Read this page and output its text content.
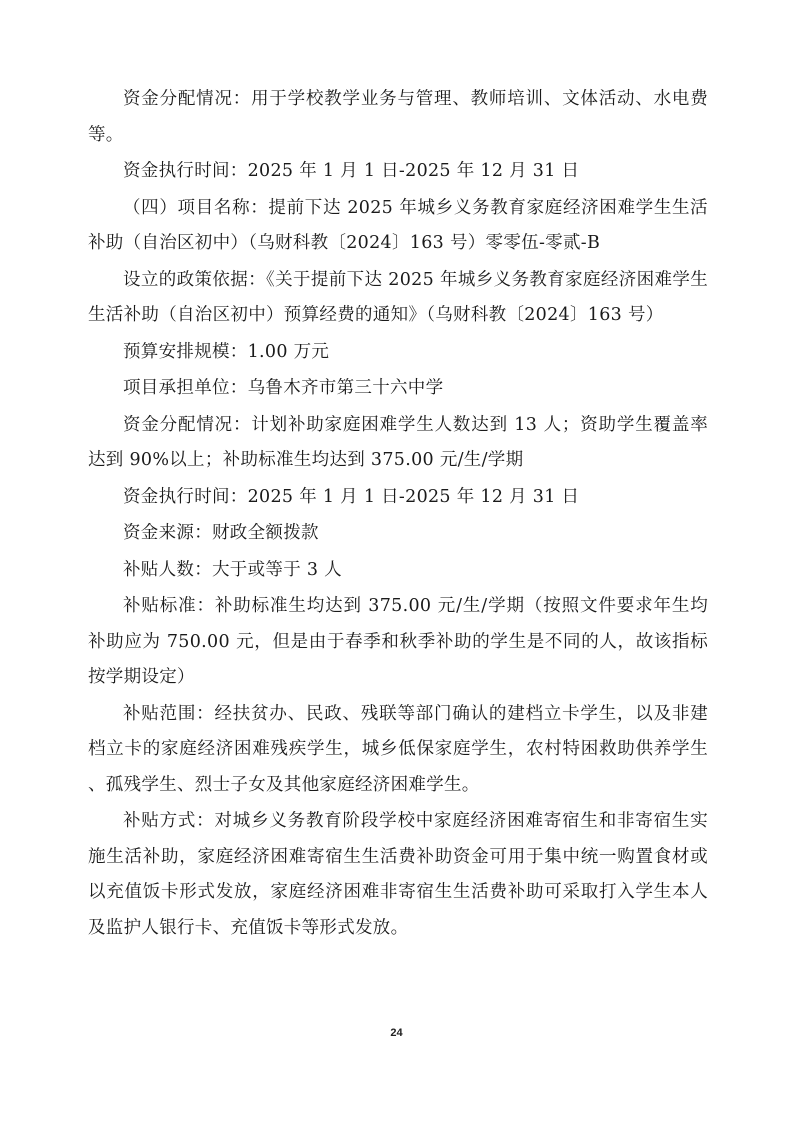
资金分配情况：用于学校教学业务与管理、教师培训、文体活动、水电费等。

资金执行时间：2025 年 1 月 1 日-2025 年 12 月 31 日

（四）项目名称：提前下达 2025 年城乡义务教育家庭经济困难学生生活补助（自治区初中）（乌财科教〔2024〕163 号）零零伍-零贰-B

设立的政策依据：《关于提前下达 2025 年城乡义务教育家庭经济困难学生生活补助（自治区初中）预算经费的通知》（乌财科教〔2024〕163 号）

预算安排规模：1.00 万元

项目承担单位：乌鲁木齐市第三十六中学

资金分配情况：计划补助家庭困难学生人数达到 13 人；资助学生覆盖率达到 90%以上；补助标准生均达到 375.00 元/生/学期

资金执行时间：2025 年 1 月 1 日-2025 年 12 月 31 日

资金来源：财政全额拨款

补贴人数：大于或等于 3 人

补贴标准：补助标准生均达到 375.00 元/生/学期（按照文件要求年生均补助应为 750.00 元，但是由于春季和秋季补助的学生是不同的人，故该指标按学期设定）

补贴范围：经扶贫办、民政、残联等部门确认的建档立卡学生，以及非建档立卡的家庭经济困难残疾学生，城乡低保家庭学生，农村特困救助供养学生、孤残学生、烈士子女及其他家庭经济困难学生。

补贴方式：对城乡义务教育阶段学校中家庭经济困难寄宿生和非寄宿生实施生活补助，家庭经济困难寄宿生生活费补助资金可用于集中统一购置食材或以充值饭卡形式发放，家庭经济困难非寄宿生生活费补助可采取打入学生本人及监护人银行卡、充值饭卡等形式发放。

24
